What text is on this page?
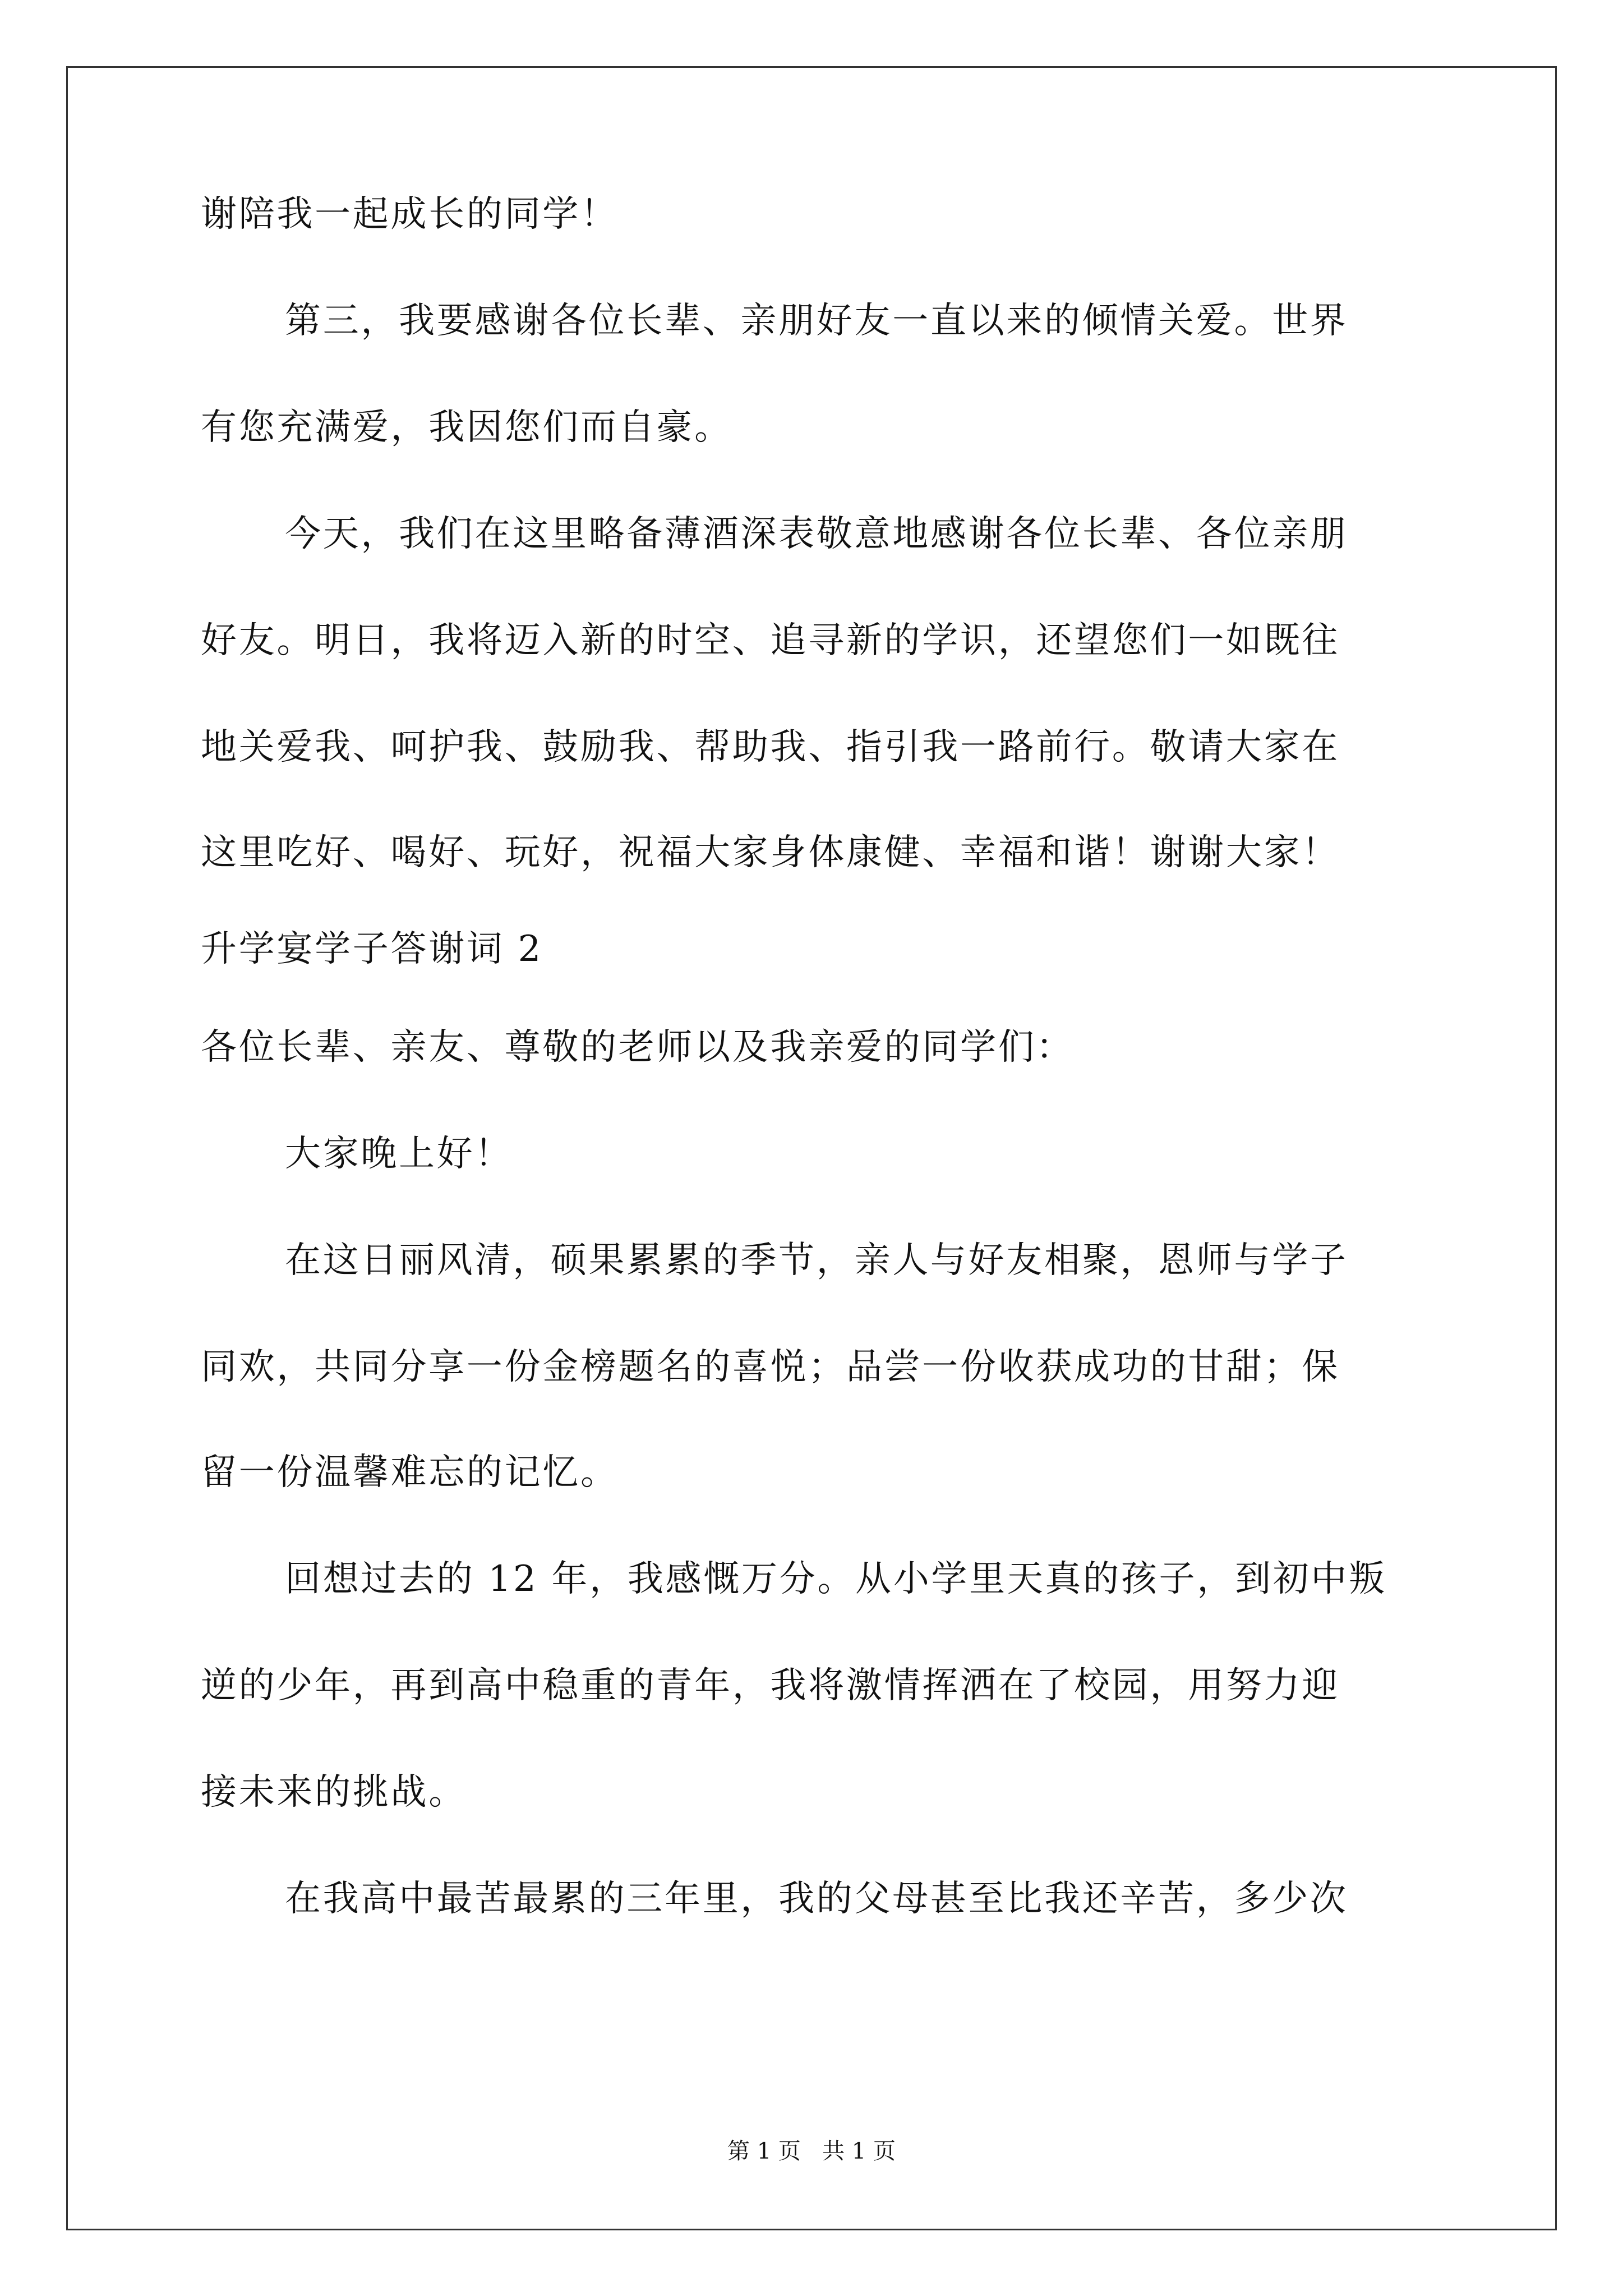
谢陪我一起成长的同学！
第三，我要感谢各位长辈、亲朋好友一直以来的倾情关爱。世界
有您充满爱，我因您们而自豪。
今天，我们在这里略备薄酒深表敬意地感谢各位长辈、各位亲朋
好友。明日，我将迈入新的时空、追寻新的学识，还望您们一如既往
地关爱我、呵护我、鼓励我、帮助我、指引我一路前行。敬请大家在
这里吃好、喝好、玩好，祝福大家身体康健、幸福和谐！谢谢大家！
升学宴学子答谢词 2
各位长辈、亲友、尊敬的老师以及我亲爱的同学们：
大家晚上好！
在这日丽风清，硕果累累的季节，亲人与好友相聚，恩师与学子
同欢，共同分享一份金榜题名的喜悦；品尝一份收获成功的甘甜；保
留一份温馨难忘的记忆。
回想过去的 12 年，我感慨万分。从小学里天真的孩子，到初中叛
逆的少年，再到高中稳重的青年，我将激情挥洒在了校园，用努力迎
接未来的挑战。
在我高中最苦最累的三年里，我的父母甚至比我还辛苦，多少次
第 1 页   共 1 页
